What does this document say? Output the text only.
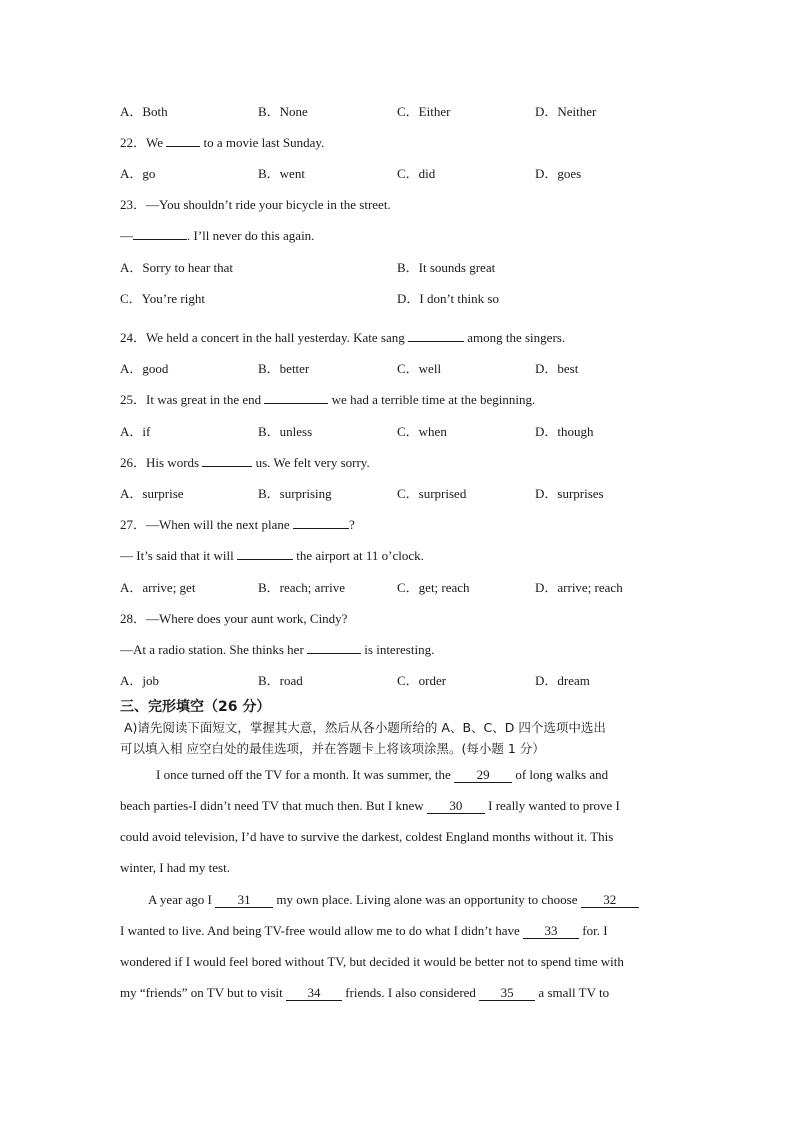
A．Both	B．None	C．Either	D．Neither
22．We	to a movie last Sunday.
A．go	B．went	C．did	D．goes
23．—You shouldn’t ride your bicycle in the street.
—	. I’ll never do this again.
A．Sorry to hear that	B．It sounds great
C．You’re right	D．I don’t think so
24．We held a concert in the hall yesterday. Kate sang	among the singers.
A．good	B．better	C．well	D．best
25．It was great in the end	we had a terrible time at the beginning.
A．if	B．unless	C．when	D．though
26．His words	us. We felt very sorry.
A．surprise	B．surprising	C．surprised	D．surprises
27．—When will the next plane	?
— It’s said that it will	the airport at 11 o’clock.
A．arrive; get	B．reach; arrive	C．get; reach	D．arrive; reach
28．—Where does your aunt work, Cindy?
—At a radio station. She thinks her	is interesting.
A．job	B．road	C．order	D．dream
三、完形填空（26 分）
A)请先阅读下面短文，掌握其大意，然后从各小题所给的 A、B、C、D 四个选项中选出
可以填入相 应空白处的最佳选项，并在答题卡上将该项涂黑。(每小题 1 分）
I once turned off the TV for a month. It was summer, the 29 of long walks and
beach parties-I didn’t need TV that much then. But I knew 30 I really wanted to prove I
could avoid television, I’d have to survive the darkest, coldest England months without it. This
winter, I had my test.
A year ago I 31 my own place. Living alone was an opportunity to choose 32
I wanted to live. And being TV-free would allow me to do what I didn’t have 33 for. I
wondered if I would feel bored without TV, but decided it would be better not to spend time with
my “friends” on TV but to visit 34 friends. I also considered 35 a small TV to
